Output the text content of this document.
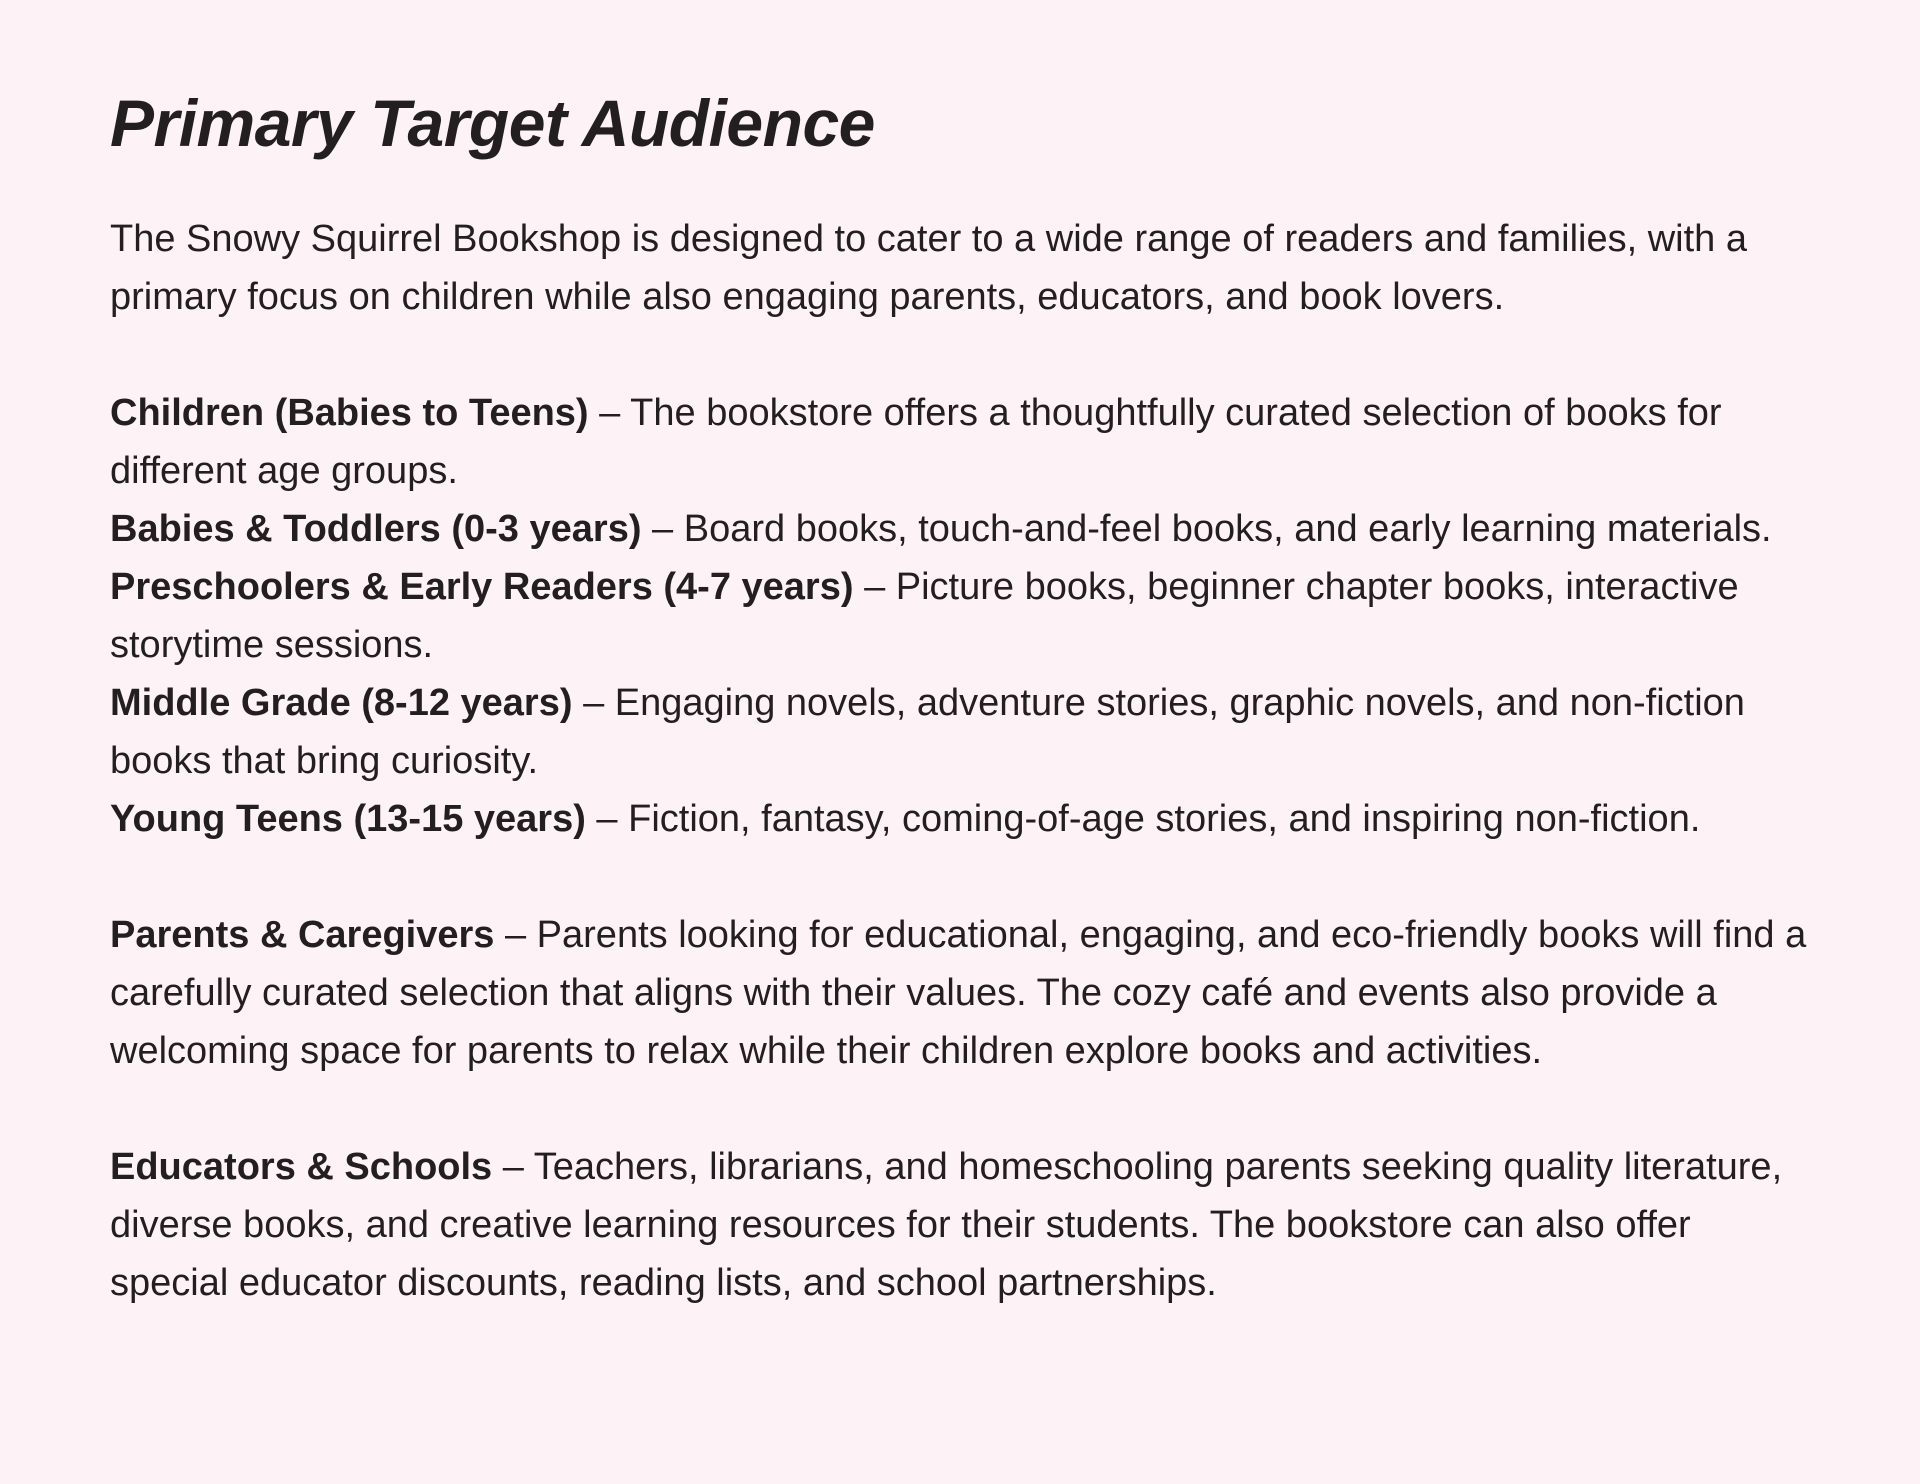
Primary Target Audience

The Snowy Squirrel Bookshop is designed to cater to a wide range of readers and families, with a primary focus on children while also engaging parents, educators, and book lovers.

Children (Babies to Teens) – The bookstore offers a thoughtfully curated selection of books for different age groups.

Babies & Toddlers (0-3 years) – Board books, touch-and-feel books, and early learning materials.

Preschoolers & Early Readers (4-7 years) – Picture books, beginner chapter books, interactive storytime sessions.

Middle Grade (8-12 years) – Engaging novels, adventure stories, graphic novels, and non-fiction books that bring curiosity.

Young Teens (13-15 years) – Fiction, fantasy, coming-of-age stories, and inspiring non-fiction.

Parents & Caregivers – Parents looking for educational, engaging, and eco-friendly books will find a carefully curated selection that aligns with their values. The cozy café and events also provide a welcoming space for parents to relax while their children explore books and activities.

Educators & Schools – Teachers, librarians, and homeschooling parents seeking quality literature, diverse books, and creative learning resources for their students. The bookstore can also offer special educator discounts, reading lists, and school partnerships.
